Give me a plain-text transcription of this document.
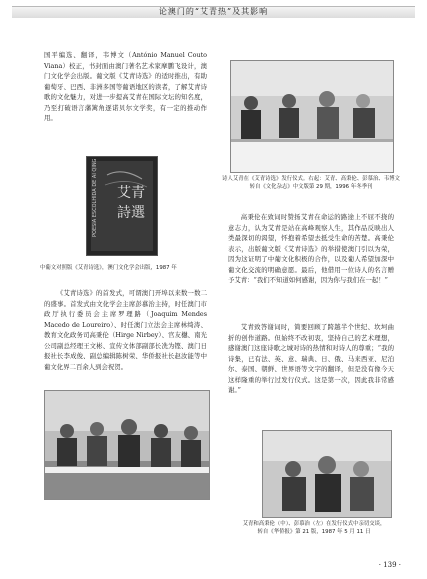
论澳门的“艾青热”及其影响

国平编选、翻译，韦博文（António Manuel Couto Viana）校正，书封面由澳门著名艺术家摩鹏飞设计，澳门文化学会出版。葡文版《艾青诗选》的适时推出，有助葡萄牙、巴西、非洲多国等葡语地区的读者，了解艾青诗歌的文化魅力，对进一步提高艾青在国际文坛的知名度，乃至打破语言藩篱角逐诺贝尔文学奖，有一定的推动作用。

POESIA ESCOLHIDA DE AI QING 艾青
詩選
中葡文对照版《艾青诗选》，澳门文化学会出版，1987 年

《艾青诗选》的首发式，可谓澳门开埠以来数一数二的盛事。首发式由文化学会主席彭慕治主持，时任澳门市政厅执行委员会主席罗理路（Joaquim Mendes Macedo de Loureiro）、时任澳门立法会主席林绮涛、教育文化政务司高秉伦（Hirge Nirbey）、官友樾、南光公司副总经理王文彬、宣传文体部副部长冼为铿、澳门日报社长李成俊、副总编辑陈树荣、华侨报社长赵汝能等中葡文化界二百余人到会祝贺。

诗人艾青在《艾青诗选》发行仪式。右起：艾青、高秉伦、彭慕治、韦博文
转自《文化杂志》中文版第 29 期，1996 年冬季刊

高秉伦在致词时赞扬艾青在命运的路途上不屈不挠的意志力，认为艾青是站在高峰观察人生，其作品反映出人类最深切的渴望，怀抱着希望去抵受生命的苦楚。高秉伦表示，出版葡文版《艾青诗选》的举措使澳门引以为荣，因为这证明了中葡文化积极的合作，以及葡人希望加深中葡文化交流的明确意愿。最后，他借用一位诗人的名言赠予艾青：“我们不知道如何感谢，因为你与我们在一起！”

艾青致答谢词时，简要回顾了跨越半个世纪、坎坷曲折的创作道路。但始终不改初衷，坚持自己的艺术理想，感谢澳门这座诗歌之城对诗的热情和对诗人的尊重；“我的诗集，已有法、英、意、瑞典、日、俄、马来西亚、尼泊尔、泰国、朝鲜、世界语等文字的翻译，但是没有像今天这样隆重的举行过发行仪式。这是第一次，因此我非常感谢。”

艾青和高秉伦（中）、彭慕治（左）在发行仪式中亲切交谈，
转自《华侨报》第 21 版，1987 年 5 月 11 日
· 139 ·
